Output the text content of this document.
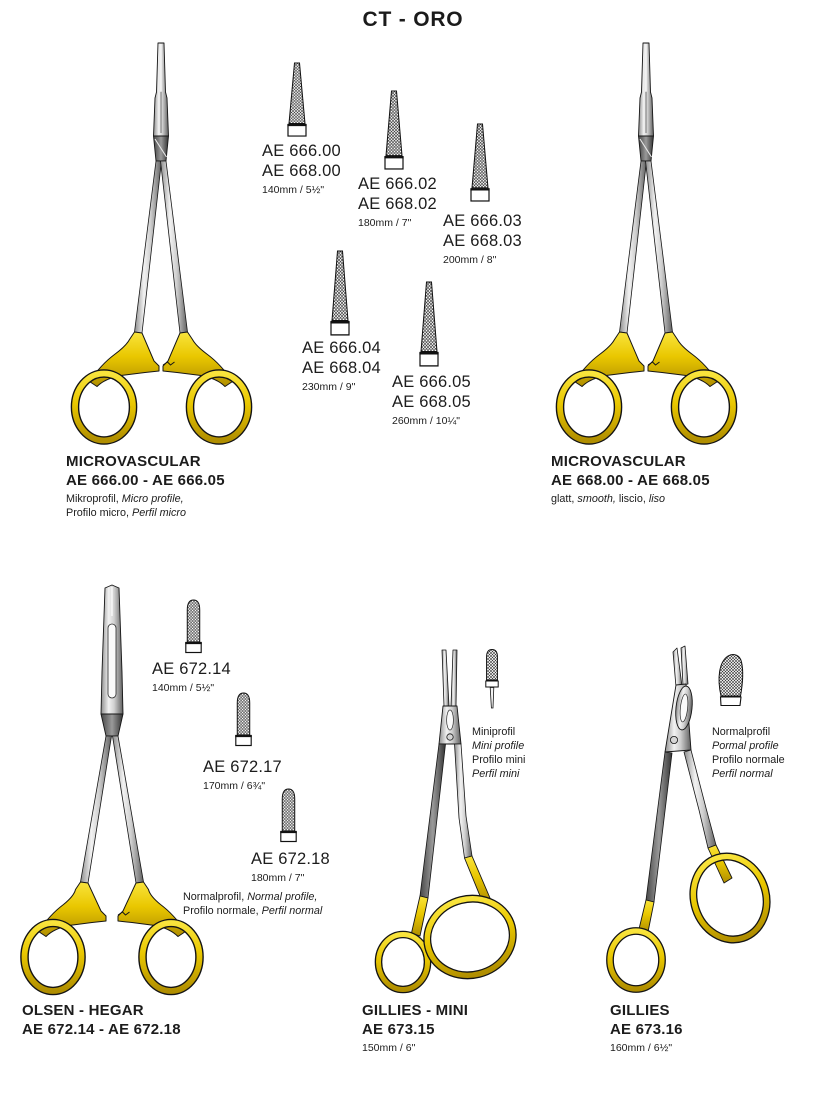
CT - ORO
AE 666.00
AE 668.00
140mm / 5½"	AE 666.02
AE 668.02
180mm / 7"	AE 666.03
AE 668.03
200mm / 8"
AE 666.04
AE 668.04
230mm / 9"	AE 666.05
AE 668.05
260mm / 10¼"
MICROVASCULAR
AE 666.00 - AE 666.05
Mikroprofil, Micro profile,
Profilo micro, Perfil micro
MICROVASCULAR
AE 668.00 - AE 668.05
glatt, smooth, liscio, liso
AE 672.14
140mm / 5½"
AE 672.17
170mm / 6¾"
AE 672.18
180mm / 7"
Normalprofil, Normal profile,
Profilo normale, Perfil normal
Miniprofil
Mini profile
Profilo mini
Perfil mini
Normalprofil
Pormal profile
Profilo normale
Perfil normal
OLSEN - HEGAR
AE 672.14 - AE 672.18
GILLIES - MINI
AE 673.15
150mm / 6"
GILLIES
AE 673.16
160mm / 6½"
